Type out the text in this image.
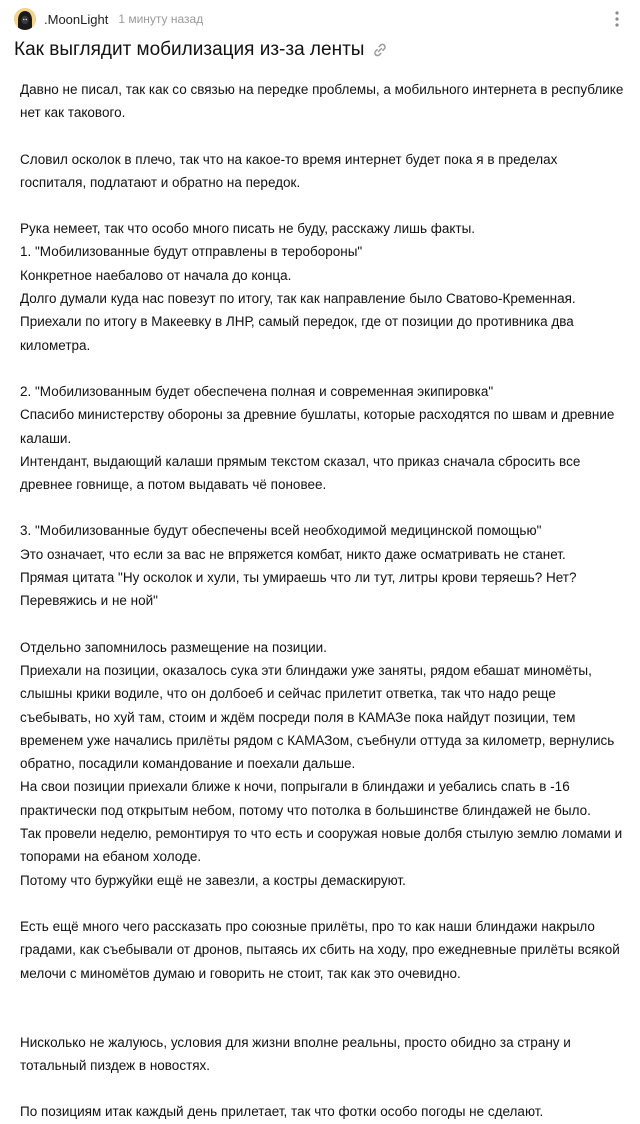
.MoonLight 1 минуту назад
Как выглядит мобилизация из-за ленты

Давно не писал, так как со связью на передке проблемы, а мобильного интернета в республике нет как такового.

Словил осколок в плечо, так что на какое-то время интернет будет пока я в пределах госпиталя, подлатают и обратно на передок.

Рука немеет, так что особо много писать не буду, расскажу лишь факты.
1. "Мобилизованные будут отправлены в теробороны"
Конкретное наебалово от начала до конца.
Долго думали куда нас повезут по итогу, так как направление было Сватово-Кременная.
Приехали по итогу в Макеевку в ЛНР, самый передок, где от позиции до противника два километра.

2. "Мобилизованным будет обеспечена полная и современная экипировка"
Спасибо министерству обороны за древние бушлаты, которые расходятся по швам и древние калаши.
Интендант, выдающий калаши прямым текстом сказал, что приказ сначала сбросить все древнее говнище, а потом выдавать чё поновее.

3. "Мобилизованные будут обеспечены всей необходимой медицинской помощью"
Это означает, что если за вас не впряжется комбат, никто даже осматривать не станет.
Прямая цитата "Ну осколок и хули, ты умираешь что ли тут, литры крови теряешь? Нет? Перевяжись и не ной"

Отдельно запомнилось размещение на позиции.
Приехали на позиции, оказалось сука эти блиндажи уже заняты, рядом ебашат миномёты, слышны крики водиле, что он долбоеб и сейчас прилетит ответка, так что надо реще съебывать, но хуй там, стоим и ждём посреди поля в КАМАЗе пока найдут позиции, тем временем уже начались прилёты рядом с КАМАЗом, съебнули оттуда за километр, вернулись обратно, посадили командование и поехали дальше.
На свои позиции приехали ближе к ночи, попрыгали в блиндажи и уебались спать в -16 практически под открытым небом, потому что потолка в большинстве блиндажей не было.
Так провели неделю, ремонтируя то что есть и сооружая новые долбя стылую землю ломами и топорами на ебаном холоде.
Потому что буржуйки ещё не завезли, а костры демаскируют.

Есть ещё много чего рассказать про союзные прилёты, про то как наши блиндажи накрыло градами, как съебывали от дронов, пытаясь их сбить на ходу, про ежедневные прилёты всякой мелочи с миномётов думаю и говорить не стоит, так как это очевидно.

Нисколько не жалуюсь, условия для жизни вполне реальны, просто обидно за страну и тотальный пиздеж в новостях.

По позициям итак каждый день прилетает, так что фотки особо погоды не сделают.
